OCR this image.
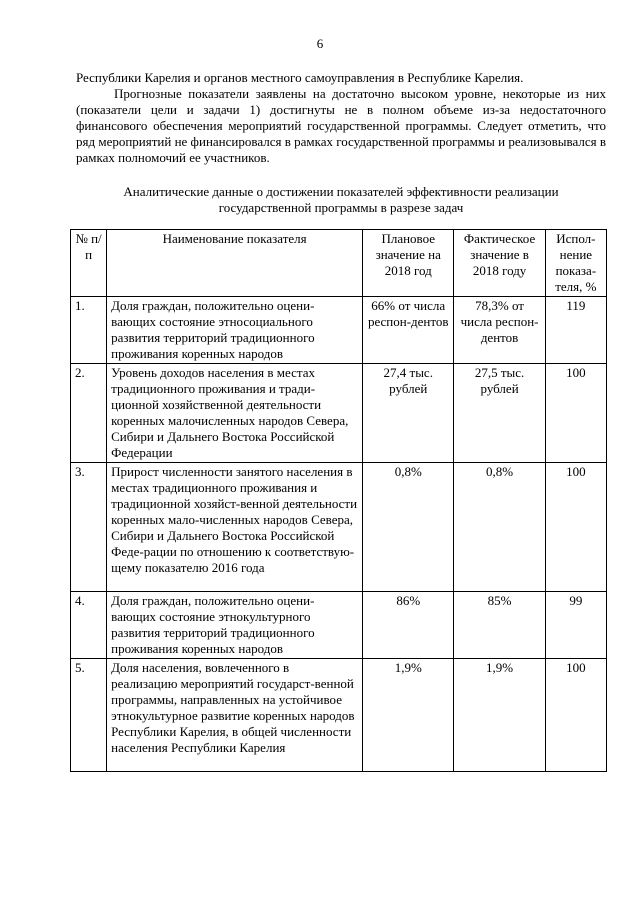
6

Республики Карелия и органов местного самоуправления в Республике Карелия.

Прогнозные показатели заявлены на достаточно высоком уровне, некоторые из них (показатели цели и задачи 1) достигнуты не в полном объеме из-за недостаточного финансового обеспечения мероприятий государственной программы. Следует отметить, что ряд мероприятий не финансировался в рамках государственной программы и реализовывался в рамках полномочий ее участников.

Аналитические данные о достижении показателей эффективности реализации государственной программы в разрезе задач
№ п/п	Наименование показателя	Плановое значение на 2018 год	Фактическое значение в 2018 году	Испол-нение показа-теля, %
1.	Доля граждан, положительно оцени-вающих состояние этносоциального развития территорий традиционного проживания коренных народов	66% от числа респон-дентов	78,3% от числа респон-дентов	119
2.	Уровень доходов населения в местах традиционного проживания и тради-ционной хозяйственной деятельности коренных малочисленных народов Севера, Сибири и Дальнего Востока Российской Федерации	27,4 тыс. рублей	27,5 тыс. рублей	100
3.	Прирост численности занятого населения в местах традиционного проживания и традиционной хозяйст-венной деятельности коренных мало-численных народов Севера, Сибири и Дальнего Востока Российской Феде-рации по отношению к соответствую-щему показателю 2016 года	0,8%	0,8%	100
4.	Доля граждан, положительно оцени-вающих состояние этнокультурного развития территорий традиционного проживания коренных народов	86%	85%	99
5.	Доля населения, вовлеченного в реализацию мероприятий государст-венной программы, направленных на устойчивое этнокультурное развитие коренных народов Республики Карелия, в общей численности населения Республики Карелия	1,9%	1,9%	100
